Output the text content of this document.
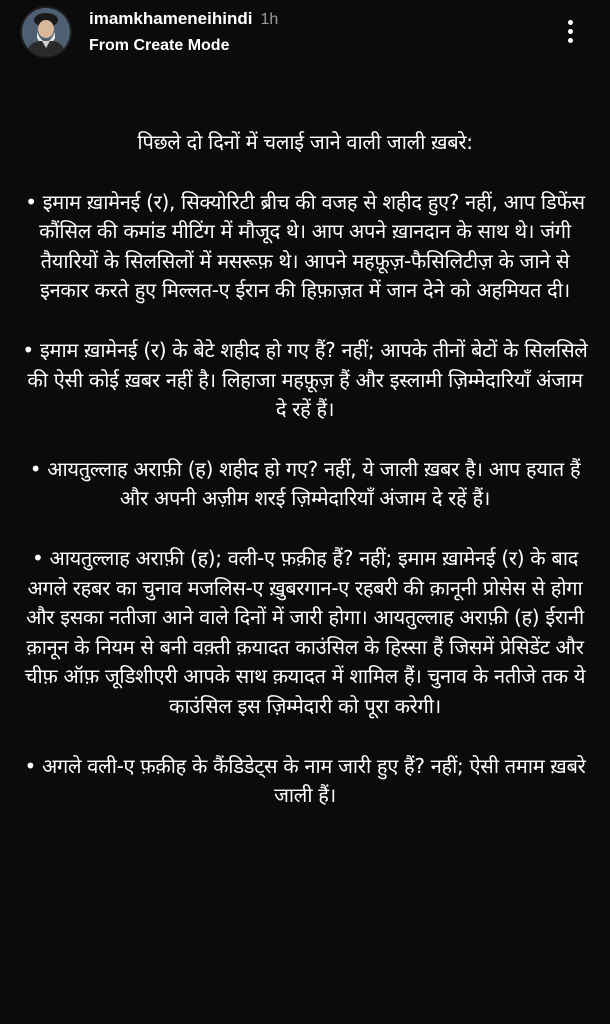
imamkhameneihindi 1h
From Create Mode

पिछले दो दिनों में चलाई जाने वाली जाली ख़बरे:

• इमाम ख़ामेनई (र), सिक्योरिटी ब्रीच की वजह से शहीद हुए? नहीं, आप डिफेंस कौंसिल की कमांड मीटिंग में मौजूद थे। आप अपने ख़ानदान के साथ थे। जंगी तैयारियों के सिलसिलों में मसरूफ़ थे। आपने महफ़ूज़-फैसिलिटीज़ के जाने से इनकार करते हुए मिल्लत-ए ईरान की हिफ़ाज़त में जान देने को अहमियत दी।

• इमाम ख़ामेनई (र) के बेटे शहीद हो गए हैं? नहीं; आपके तीनों बेटों के सिलसिले की ऐसी कोई ख़बर नहीं है। लिहाजा महफ़ूज़ हैं और इस्लामी ज़िम्मेदारियाँ अंजाम दे रहें हैं।

• आयतुल्लाह अराफ़ी (ह) शहीद हो गए? नहीं, ये जाली ख़बर है। आप हयात हैं और अपनी अज़ीम शरई ज़िम्मेदारियाँ अंजाम दे रहें हैं।

• आयतुल्लाह अराफ़ी (ह); वली-ए फ़क़ीह हैं? नहीं; इमाम ख़ामेनई (र) के बाद अगले रहबर का चुनाव मजलिस-ए ख़ुबरगान-ए रहबरी की क़ानूनी प्रोसेस से होगा और इसका नतीजा आने वाले दिनों में जारी होगा। आयतुल्लाह अराफ़ी (ह) ईरानी क़ानून के नियम से बनी वक़्ती क़यादत काउंसिल के हिस्सा हैं जिसमें प्रेसिडेंट और चीफ़ ऑफ़ जूडिशीएरी आपके साथ क़यादत में शामिल हैं। चुनाव के नतीजे तक ये काउंसिल इस ज़िम्मेदारी को पूरा करेगी।

• अगले वली-ए फ़क़ीह के कैंडिडेट्स के नाम जारी हुए हैं? नहीं; ऐसी तमाम ख़बरे जाली हैं।
